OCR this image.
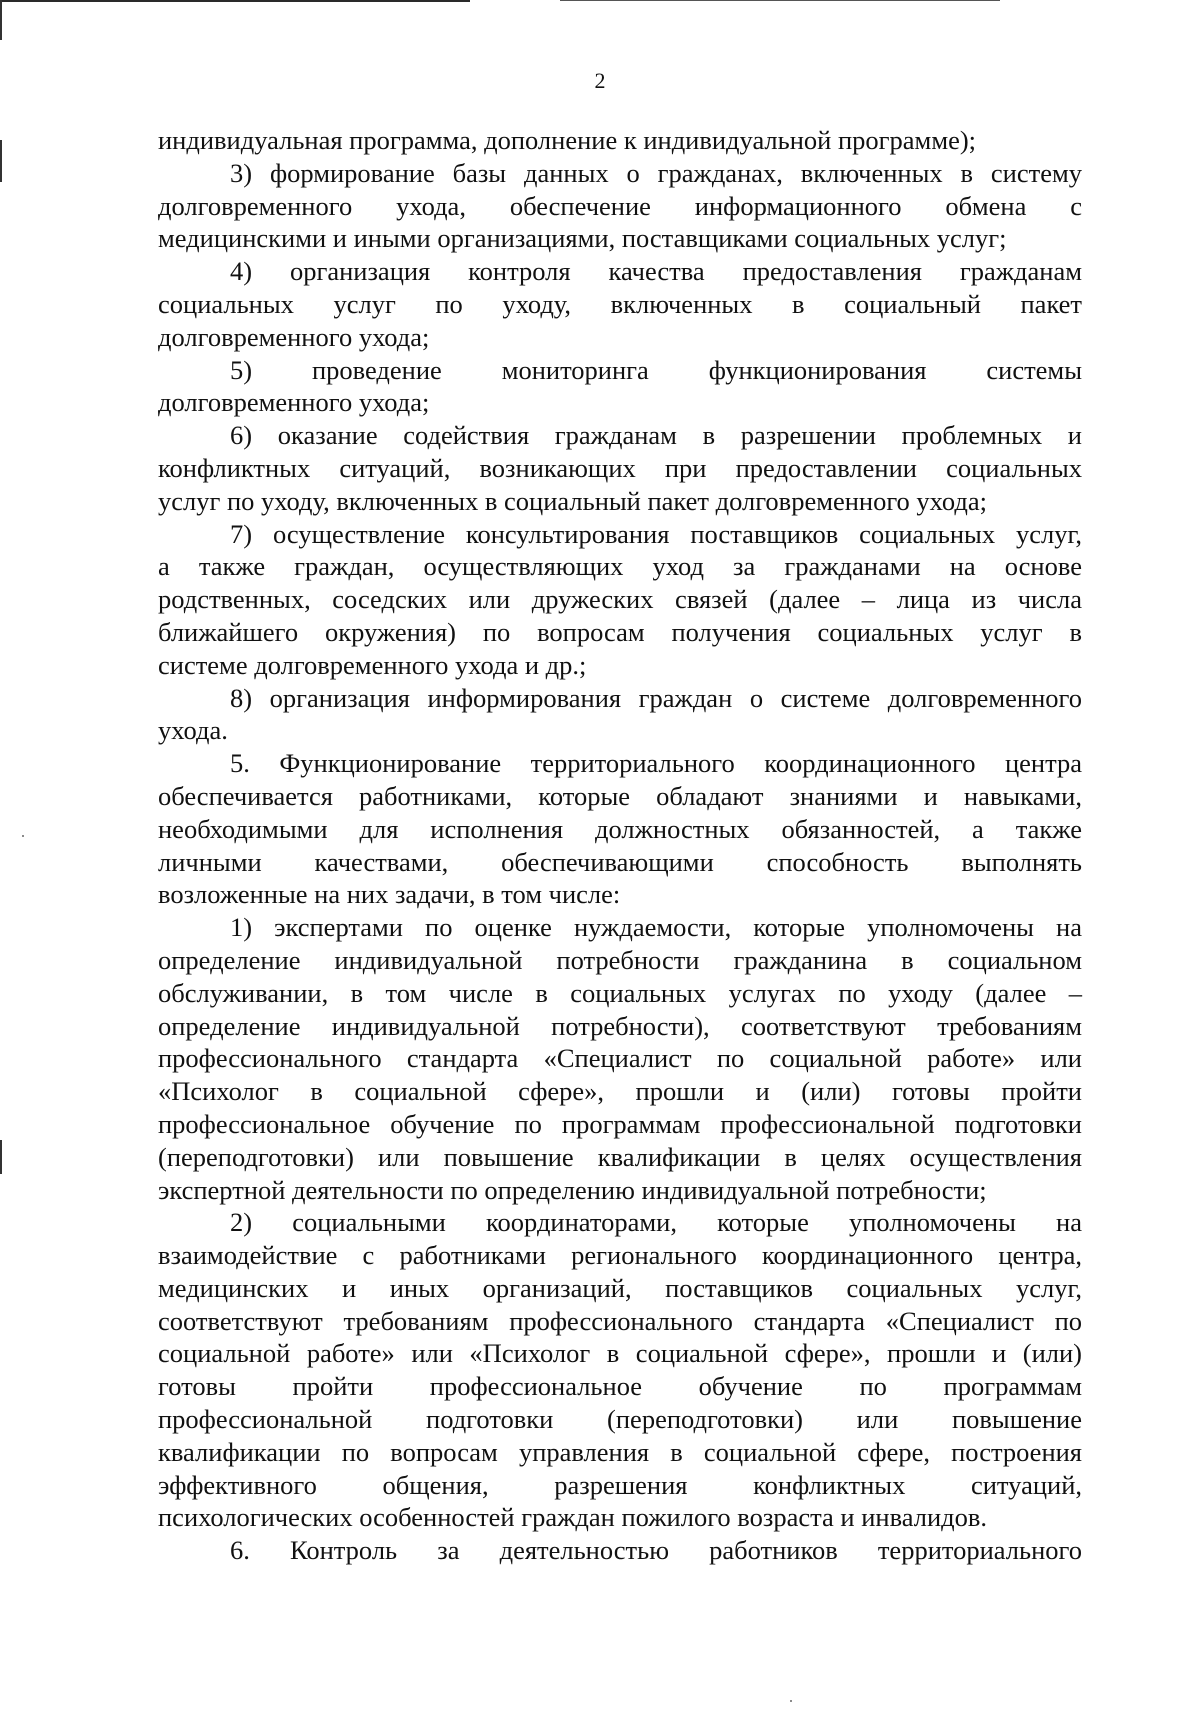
2
индивидуальная программа, дополнение к индивидуальной программе);
3) формирование базы данных о гражданах, включенных в систему
долговременного ухода, обеспечение информационного обмена с
медицинскими и иными организациями, поставщиками социальных услуг;
4) организация контроля качества предоставления гражданам
социальных услуг по уходу, включенных в социальный пакет
долговременного ухода;
5) проведение мониторинга функционирования системы
долговременного ухода;
6) оказание содействия гражданам в разрешении проблемных и
конфликтных ситуаций, возникающих при предоставлении социальных
услуг по уходу, включенных в социальный пакет долговременного ухода;
7) осуществление консультирования поставщиков социальных услуг,
а также граждан, осуществляющих уход за гражданами на основе
родственных, соседских или дружеских связей (далее – лица из числа
ближайшего окружения) по вопросам получения социальных услуг в
системе долговременного ухода и др.;
8) организация информирования граждан о системе долговременного
ухода.
5. Функционирование территориального координационного центра
обеспечивается работниками, которые обладают знаниями и навыками,
необходимыми для исполнения должностных обязанностей, а также
личными качествами, обеспечивающими способность выполнять
возложенные на них задачи, в том числе:
1) экспертами по оценке нуждаемости, которые уполномочены на
определение индивидуальной потребности гражданина в социальном
обслуживании, в том числе в социальных услугах по уходу (далее –
определение индивидуальной потребности), соответствуют требованиям
профессионального стандарта «Специалист по социальной работе» или
«Психолог в социальной сфере», прошли и (или) готовы пройти
профессиональное обучение по программам профессиональной подготовки
(переподготовки) или повышение квалификации в целях осуществления
экспертной деятельности по определению индивидуальной потребности;
2) социальными координаторами, которые уполномочены на
взаимодействие с работниками регионального координационного центра,
медицинских и иных организаций, поставщиков социальных услуг,
соответствуют требованиям профессионального стандарта «Специалист по
социальной работе» или «Психолог в социальной сфере», прошли и (или)
готовы пройти профессиональное обучение по программам
профессиональной подготовки (переподготовки) или повышение
квалификации по вопросам управления в социальной сфере, построения
эффективного общения, разрешения конфликтных ситуаций,
психологических особенностей граждан пожилого возраста и инвалидов.
6. Контроль за деятельностью работников территориального
